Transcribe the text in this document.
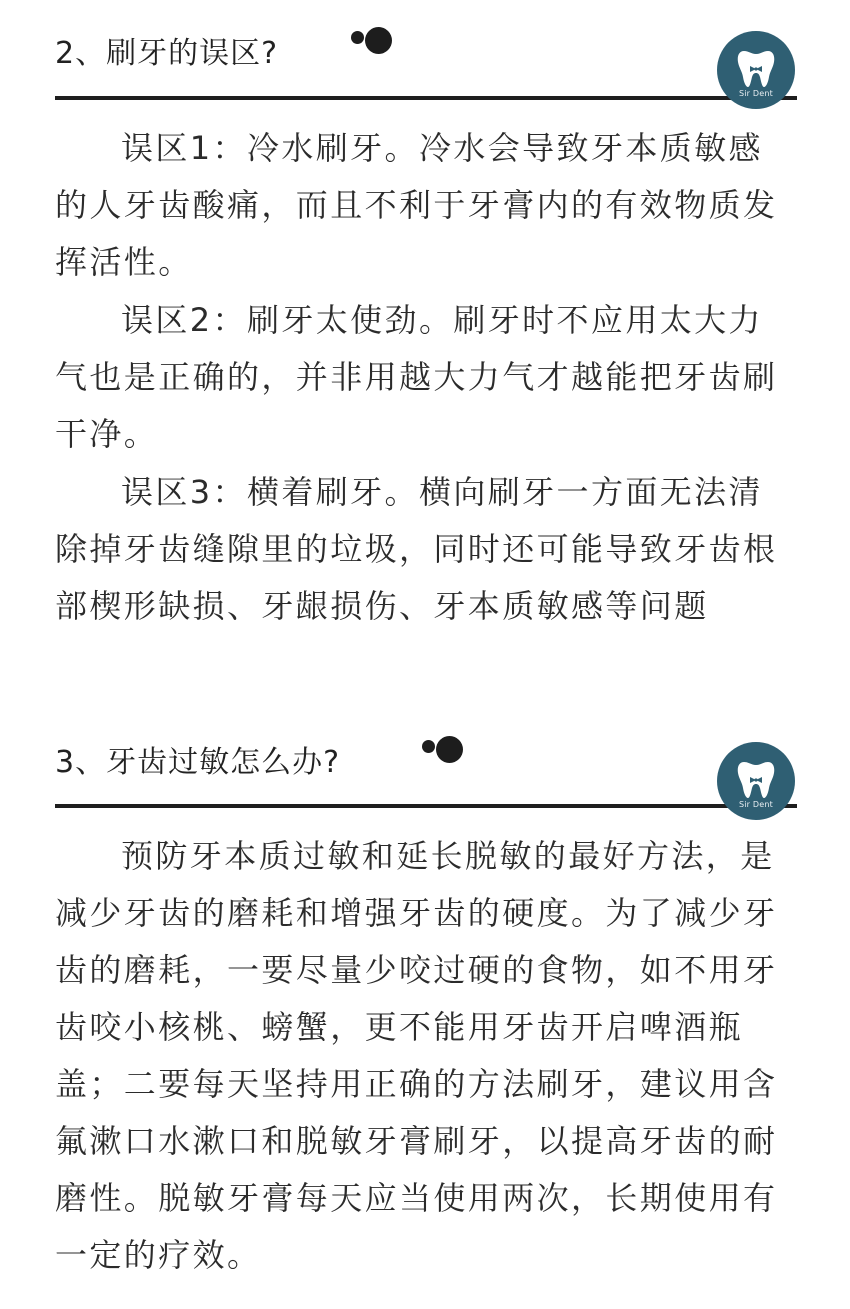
2、刷牙的误区?
Sir Dent

误区1：冷水刷牙。冷水会导致牙本质敏感的人牙齿酸痛，而且不利于牙膏内的有效物质发挥活性。

误区2：刷牙太使劲。刷牙时不应用太大力气也是正确的，并非用越大力气才越能把牙齿刷干净。

误区3：横着刷牙。横向刷牙一方面无法清除掉牙齿缝隙里的垃圾，同时还可能导致牙齿根部楔形缺损、牙龈损伤、牙本质敏感等问题

3、牙齿过敏怎么办?
Sir Dent

预防牙本质过敏和延长脱敏的最好方法，是减少牙齿的磨耗和增强牙齿的硬度。为了减少牙齿的磨耗，一要尽量少咬过硬的食物，如不用牙齿咬小核桃、螃蟹，更不能用牙齿开启啤酒瓶盖；二要每天坚持用正确的方法刷牙，建议用含氟漱口水漱口和脱敏牙膏刷牙，以提高牙齿的耐磨性。脱敏牙膏每天应当使用两次，长期使用有一定的疗效。
